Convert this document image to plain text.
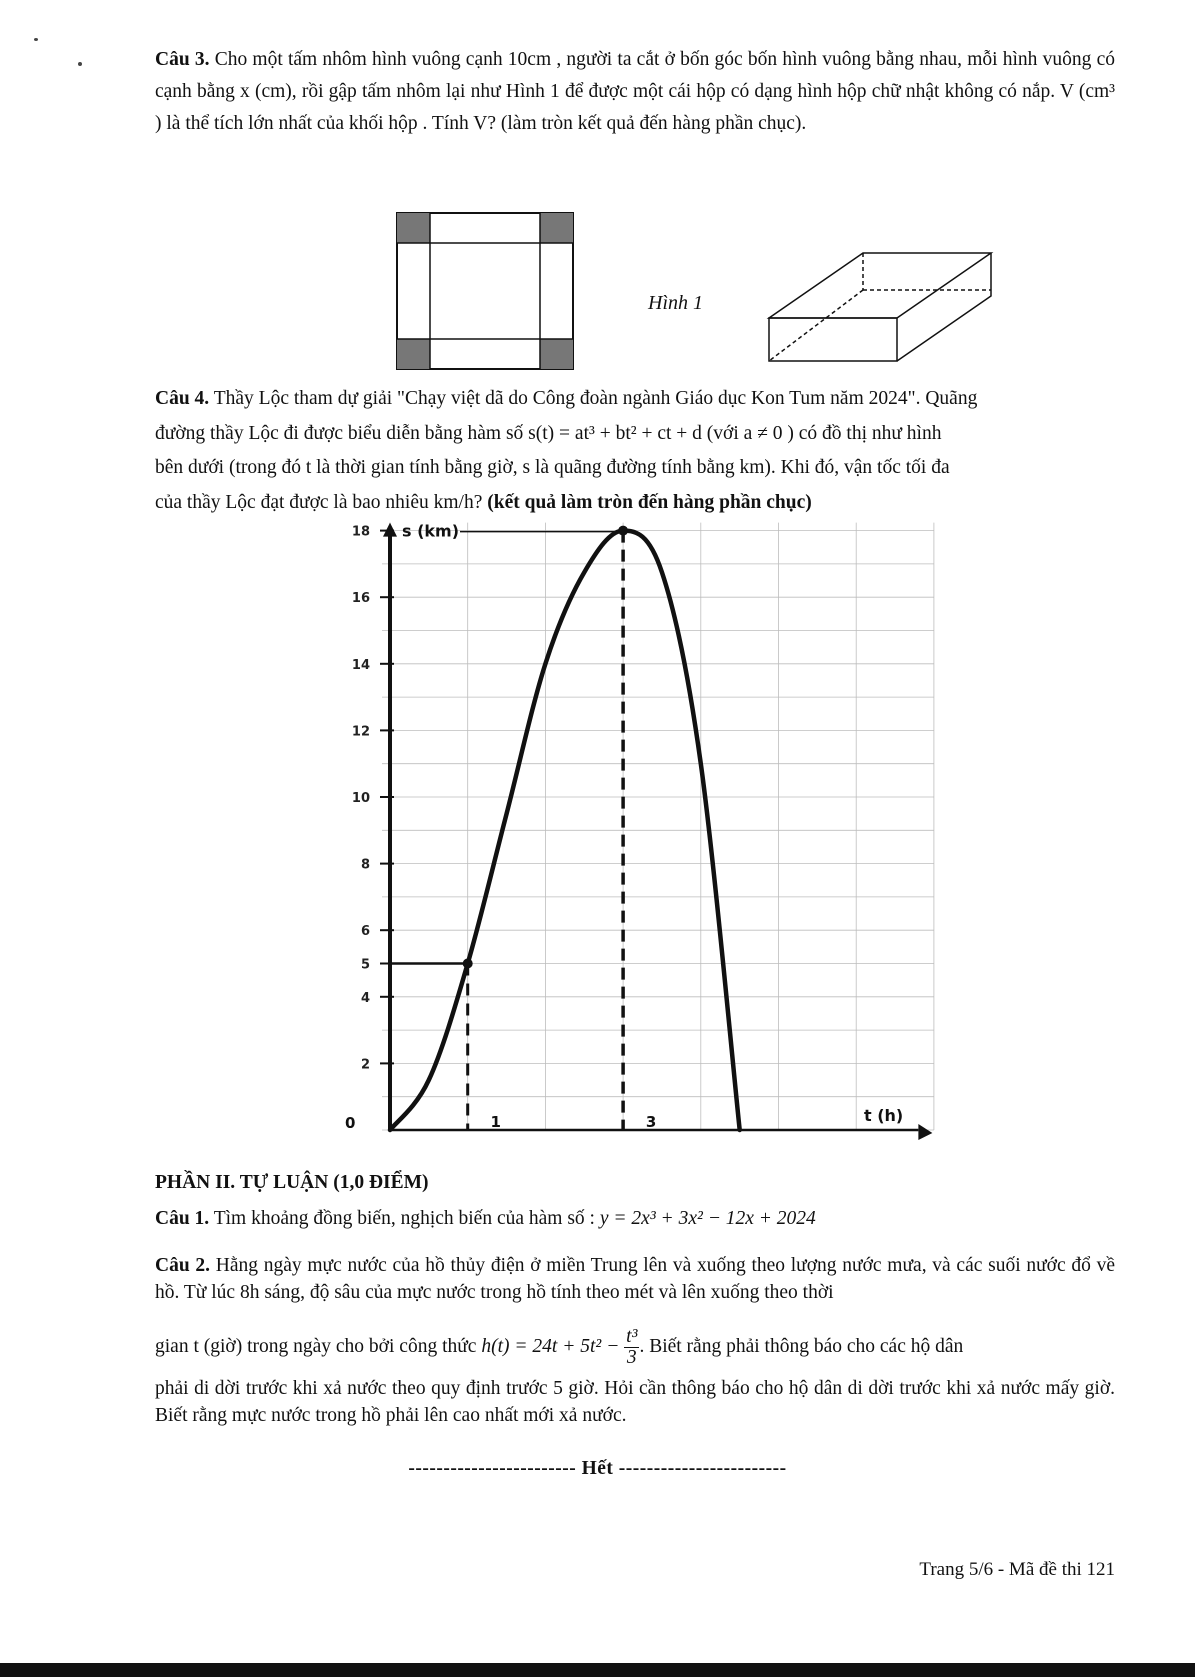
Câu 3. Cho một tấm nhôm hình vuông cạnh 10cm , người ta cắt ở bốn góc bốn hình vuông bằng nhau, mỗi hình vuông có cạnh bằng x (cm), rồi gập tấm nhôm lại như Hình 1 để được một cái hộp có dạng hình hộp chữ nhật không có nắp. V (cm³ ) là thể tích lớn nhất của khối hộp . Tính V? (làm tròn kết quả đến hàng phần chục).
Hình 1
Câu 4. Thầy Lộc tham dự giải "Chạy việt dã do Công đoàn ngành Giáo dục Kon Tum năm 2024". Quãng
đường thầy Lộc đi được biểu diễn bằng hàm số s(t) = at³ + bt² + ct + d (với a ≠ 0 ) có đồ thị như hình
bên dưới (trong đó t là thời gian tính bằng giờ, s là quãng đường tính bằng km). Khi đó, vận tốc tối đa
của thầy Lộc đạt được là bao nhiêu km/h? (kết quả làm tròn đến hàng phần chục)
2
4
5
6
8
10
12
14
16
18
1	3
0
s (km)
t (h)
PHẦN II. TỰ LUẬN (1,0 ĐIỂM)
Câu 1. Tìm khoảng đồng biến, nghịch biến của hàm số : y = 2x³ + 3x² − 12x + 2024
Câu 2. Hằng ngày mực nước của hồ thủy điện ở miền Trung lên và xuống theo lượng nước mưa, và các suối nước đổ về hồ. Từ lúc 8h sáng, độ sâu của mực nước trong hồ tính theo mét và lên xuống theo thời
gian t (giờ) trong ngày cho bởi công thức $h(t) = 24t + 5t^2 - \frac{\text{t³}}{3}$ . Biết rằng phải thông báo cho các hộ dân
phải di dời trước khi xả nước theo quy định trước 5 giờ. Hỏi cần thông báo cho hộ dân di dời trước khi xả nước mấy giờ. Biết rằng mực nước trong hồ phải lên cao nhất mới xả nước.
------------------------ Hết ------------------------
Trang 5/6 - Mã đề thi 121
